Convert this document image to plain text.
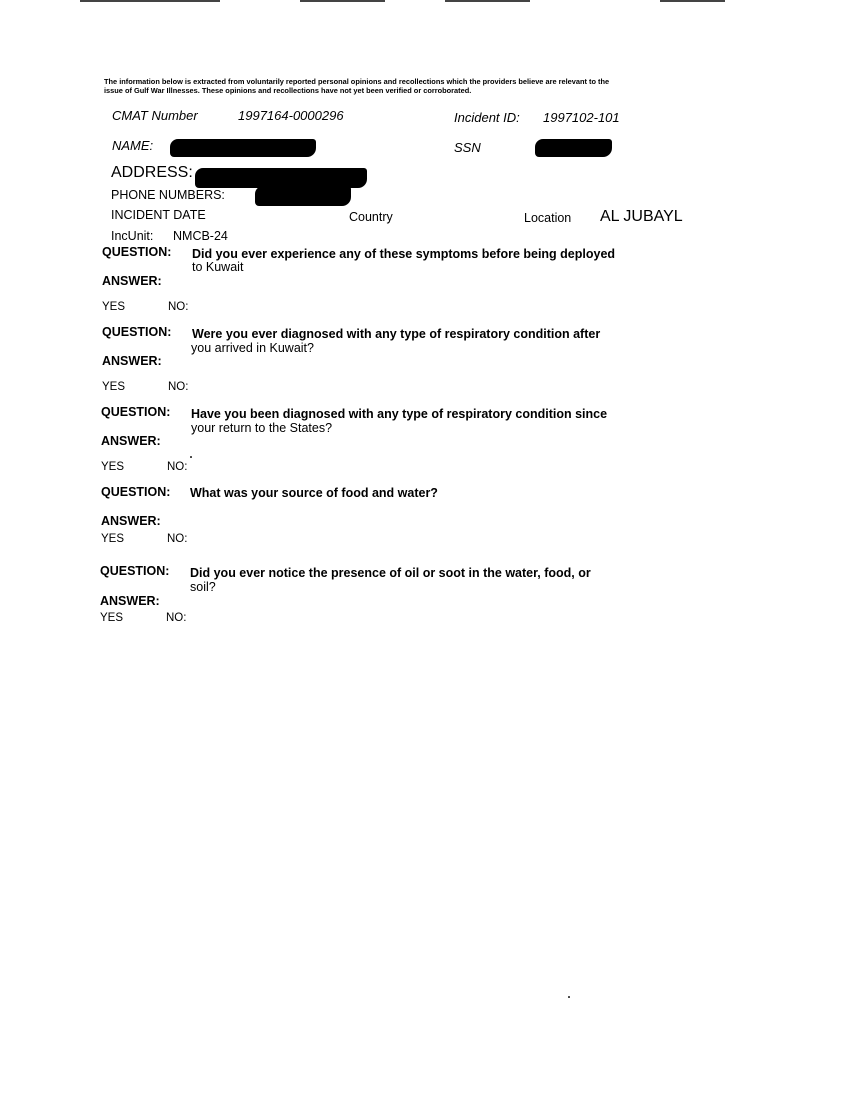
The information below is extracted from voluntarily reported personal opinions and recollections which the providers believe are relevant to the
issue of Gulf War Illnesses. These opinions and recollections have not yet been verified or corroborated.
CMAT Number	1997164-0000296	Incident ID: 1997102-101
NAME:	SSN
ADDRESS:
PHONE NUMBERS:
INCIDENT DATE	Country	Location AL JUBAYL
IncUnit: NMCB-24
QUESTION: Did you ever experience any of these symptoms before being deployed
to Kuwait
ANSWER:
YES	NO:
QUESTION: Were you ever diagnosed with any type of respiratory condition after
you arrived in Kuwait?
ANSWER:
YES	NO:
QUESTION: Have you been diagnosed with any type of respiratory condition since
your return to the States?
ANSWER:
YES	NO:
QUESTION: What was your source of food and water?
ANSWER:
YES	NO:
QUESTION: Did you ever notice the presence of oil or soot in the water, food, or
soil?
ANSWER:
YES	NO:
